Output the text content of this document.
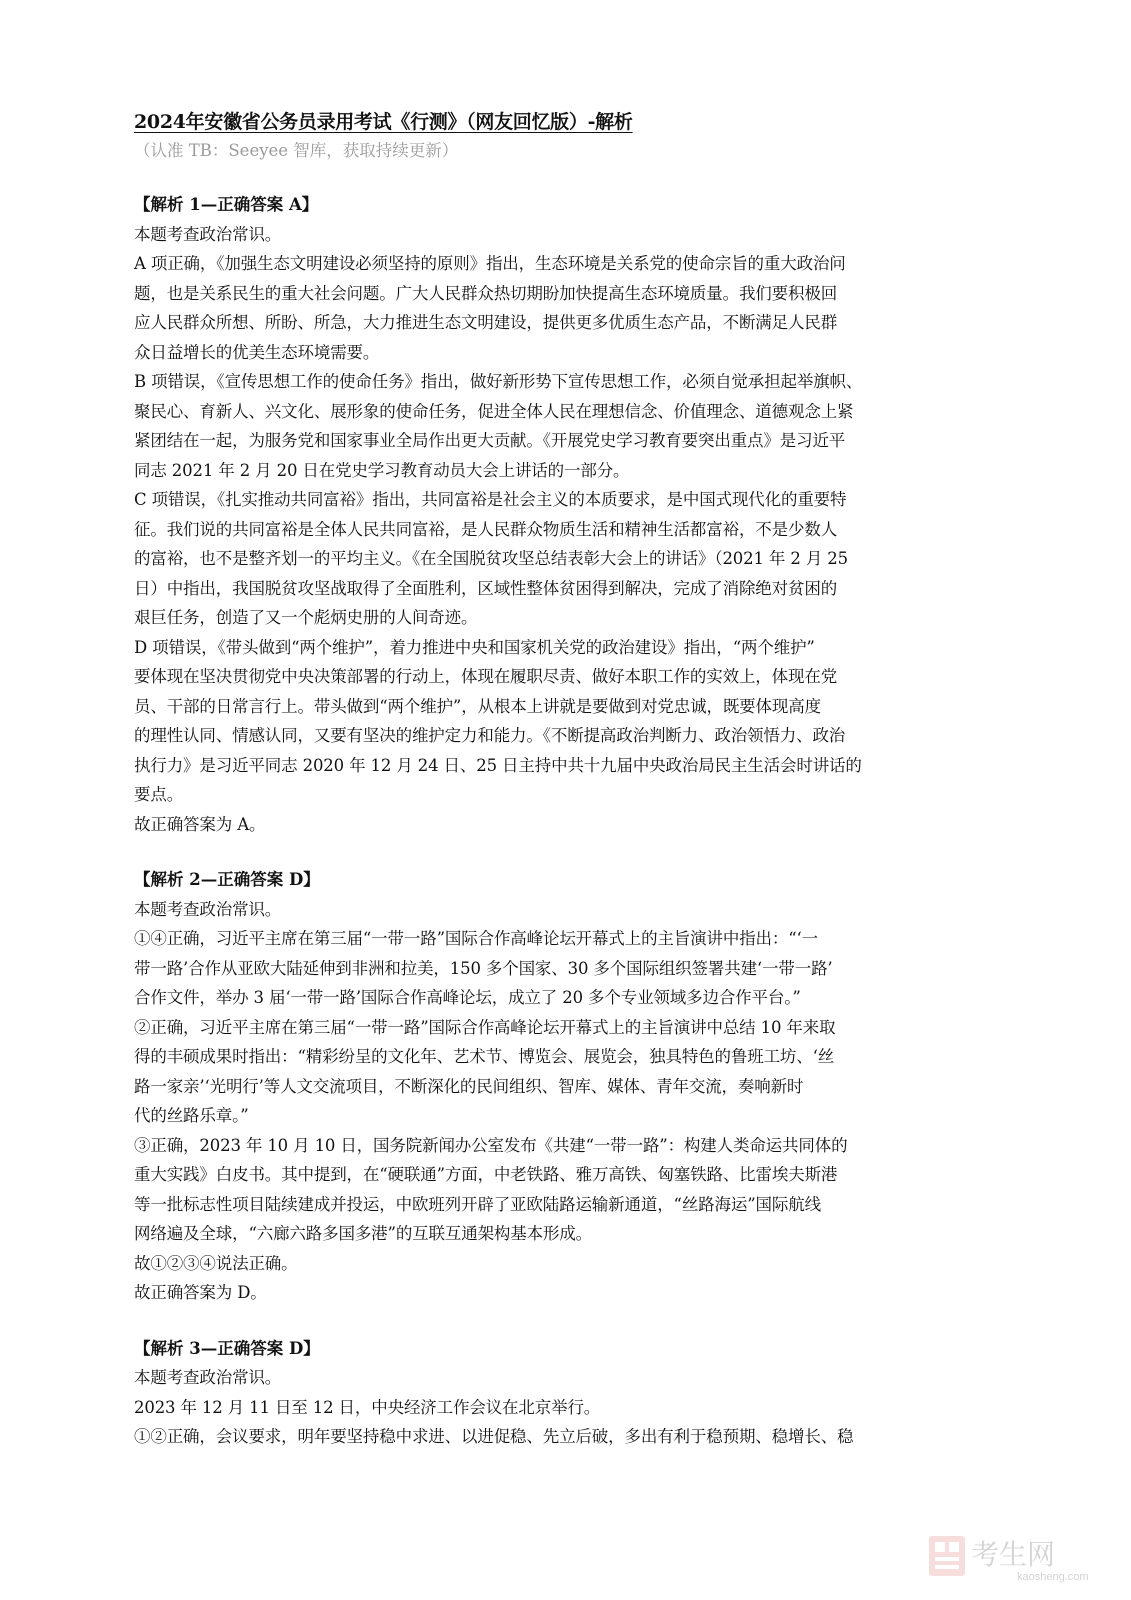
2024年安徽省公务员录用考试《行测》（网友回忆版）-解析
（认准 TB：Seeyee 智库，获取持续更新）
【解析 1—正确答案 A】
本题考查政治常识。
A 项正确，《加强生态文明建设必须坚持的原则》指出，生态环境是关系党的使命宗旨的重大政治问
题，也是关系民生的重大社会问题。广大人民群众热切期盼加快提高生态环境质量。我们要积极回
应人民群众所想、所盼、所急，大力推进生态文明建设，提供更多优质生态产品，不断满足人民群
众日益增长的优美生态环境需要。
B 项错误，《宣传思想工作的使命任务》指出，做好新形势下宣传思想工作，必须自觉承担起举旗帜、
聚民心、育新人、兴文化、展形象的使命任务，促进全体人民在理想信念、价值理念、道德观念上紧
紧团结在一起，为服务党和国家事业全局作出更大贡献。《开展党史学习教育要突出重点》是习近平
同志 2021 年 2 月 20 日在党史学习教育动员大会上讲话的一部分。
C 项错误，《扎实推动共同富裕》指出，共同富裕是社会主义的本质要求，是中国式现代化的重要特
征。我们说的共同富裕是全体人民共同富裕，是人民群众物质生活和精神生活都富裕，不是少数人
的富裕，也不是整齐划一的平均主义。《在全国脱贫攻坚总结表彰大会上的讲话》（2021 年 2 月 25
日）中指出，我国脱贫攻坚战取得了全面胜利，区域性整体贫困得到解决，完成了消除绝对贫困的
艰巨任务，创造了又一个彪炳史册的人间奇迹。
D 项错误，《带头做到“两个维护”，着力推进中央和国家机关党的政治建设》指出，“两个维护”
要体现在坚决贯彻党中央决策部署的行动上，体现在履职尽责、做好本职工作的实效上，体现在党
员、干部的日常言行上。带头做到“两个维护”，从根本上讲就是要做到对党忠诚，既要体现高度
的理性认同、情感认同，又要有坚决的维护定力和能力。《不断提高政治判断力、政治领悟力、政治
执行力》是习近平同志 2020 年 12 月 24 日、25 日主持中共十九届中央政治局民主生活会时讲话的
要点。
故正确答案为 A。
【解析 2—正确答案 D】
本题考查政治常识。
①④正确，习近平主席在第三届“一带一路”国际合作高峰论坛开幕式上的主旨演讲中指出：“‘一
带一路’合作从亚欧大陆延伸到非洲和拉美，150 多个国家、30 多个国际组织签署共建‘一带一路’
合作文件，举办 3 届‘一带一路’国际合作高峰论坛，成立了 20 多个专业领域多边合作平台。”
②正确，习近平主席在第三届“一带一路”国际合作高峰论坛开幕式上的主旨演讲中总结 10 年来取
得的丰硕成果时指出：“精彩纷呈的文化年、艺术节、博览会、展览会，独具特色的鲁班工坊、‘丝
路一家亲’‘光明行’等人文交流项目，不断深化的民间组织、智库、媒体、青年交流，奏响新时
代的丝路乐章。”
③正确，2023 年 10 月 10 日，国务院新闻办公室发布《共建“一带一路”：构建人类命运共同体的
重大实践》白皮书。其中提到，在“硬联通”方面，中老铁路、雅万高铁、匈塞铁路、比雷埃夫斯港
等一批标志性项目陆续建成并投运，中欧班列开辟了亚欧陆路运输新通道，“丝路海运”国际航线
网络遍及全球，“六廊六路多国多港”的互联互通架构基本形成。
故①②③④说法正确。
故正确答案为 D。
【解析 3—正确答案 D】
本题考查政治常识。
2023 年 12 月 11 日至 12 日，中央经济工作会议在北京举行。
①②正确，会议要求，明年要坚持稳中求进、以进促稳、先立后破，多出有利于稳预期、稳增长、稳
考生网
kaosheng.com
